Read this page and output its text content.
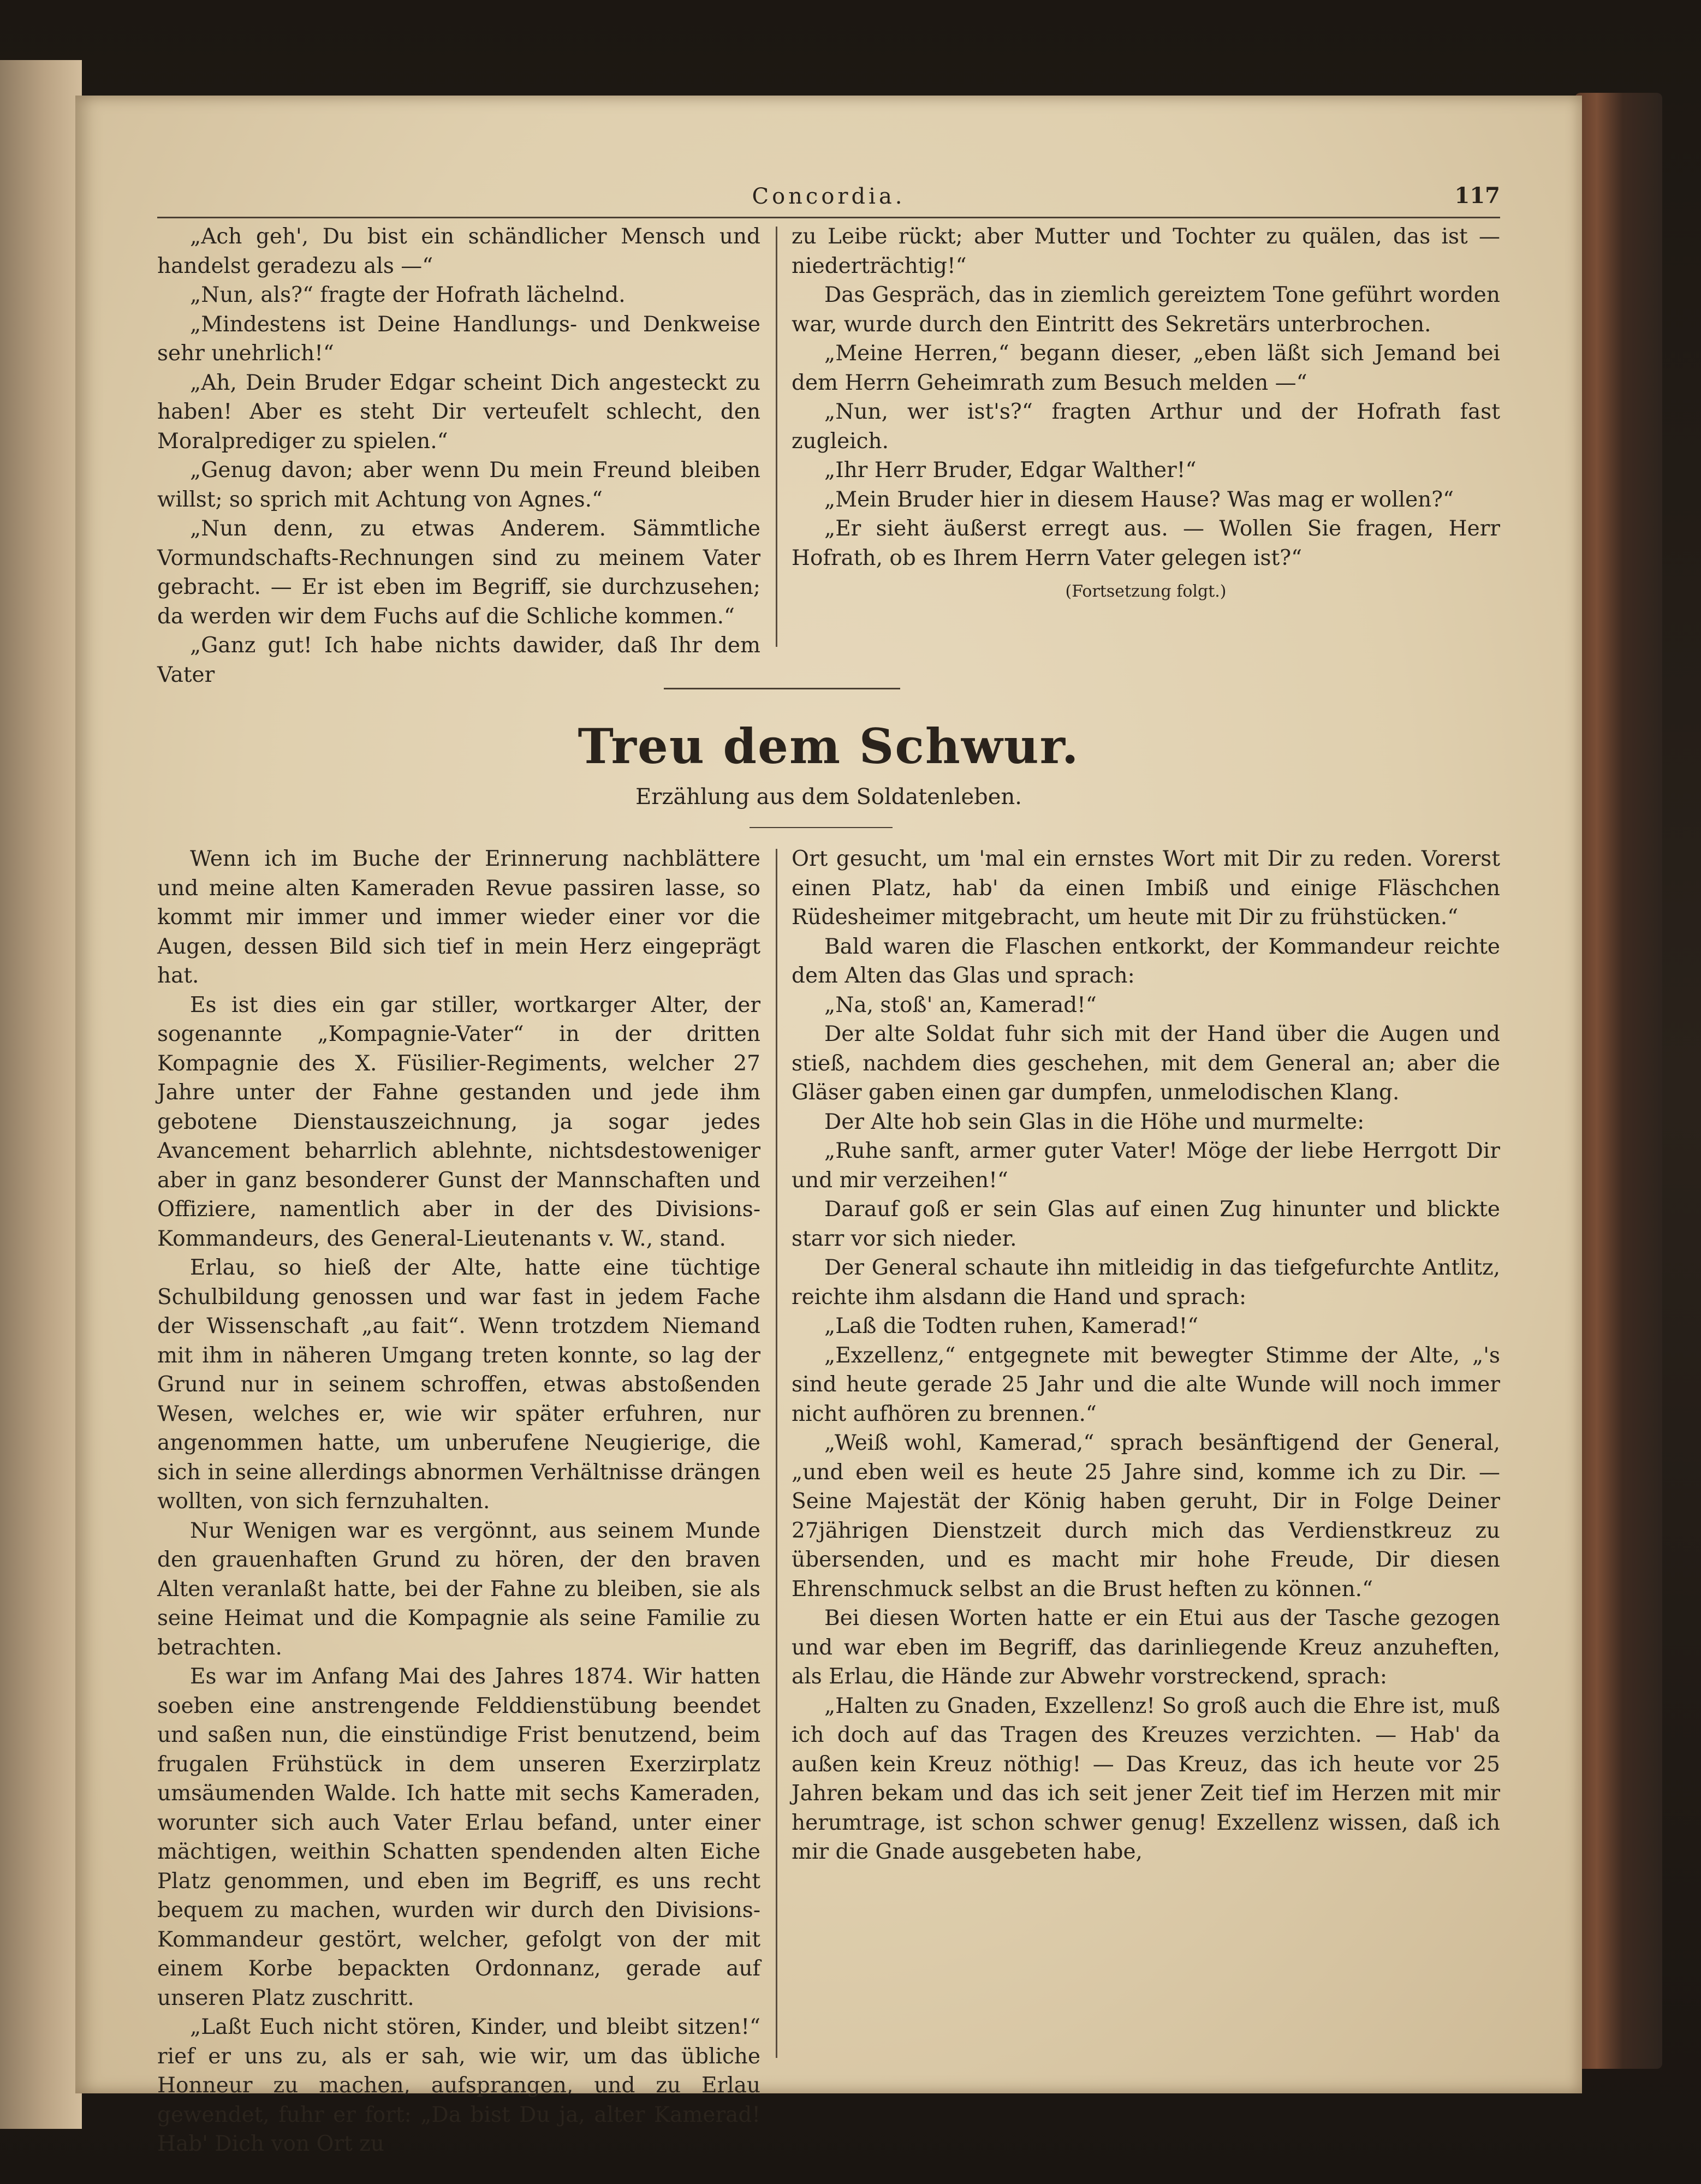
Concordia.	117

„Ach geh', Du bist ein schändlicher Mensch und handelst geradezu als —“

„Nun, als?“ fragte der Hofrath lächelnd.

„Mindestens ist Deine Handlungs- und Denkweise sehr unehrlich!“

„Ah, Dein Bruder Edgar scheint Dich angesteckt zu haben! Aber es steht Dir verteufelt schlecht, den Moralprediger zu spielen.“

„Genug davon; aber wenn Du mein Freund bleiben willst; so sprich mit Achtung von Agnes.“

„Nun denn, zu etwas Anderem. Sämmtliche Vormundschafts-Rechnungen sind zu meinem Vater gebracht. — Er ist eben im Begriff, sie durchzusehen; da werden wir dem Fuchs auf die Schliche kommen.“

„Ganz gut! Ich habe nichts dawider, daß Ihr dem Vater

zu Leibe rückt; aber Mutter und Tochter zu quälen, das ist — niederträchtig!“

Das Gespräch, das in ziemlich gereiztem Tone geführt worden war, wurde durch den Eintritt des Sekretärs unterbrochen.

„Meine Herren,“ begann dieser, „eben läßt sich Jemand bei dem Herrn Geheimrath zum Besuch melden —“

„Nun, wer ist's?“ fragten Arthur und der Hofrath fast zugleich.

„Ihr Herr Bruder, Edgar Walther!“

„Mein Bruder hier in diesem Hause? Was mag er wollen?“

„Er sieht äußerst erregt aus. — Wollen Sie fragen, Herr Hofrath, ob es Ihrem Herrn Vater gelegen ist?“

(Fortsetzung folgt.)
Treu dem Schwur.
Erzählung aus dem Soldatenleben.

Wenn ich im Buche der Erinnerung nachblättere und meine alten Kameraden Revue passiren lasse, so kommt mir immer und immer wieder einer vor die Augen, dessen Bild sich tief in mein Herz eingeprägt hat.

Es ist dies ein gar stiller, wortkarger Alter, der sogenannte „Kompagnie-Vater“ in der dritten Kompagnie des X. Füsilier-Regiments, welcher 27 Jahre unter der Fahne gestanden und jede ihm gebotene Dienstauszeichnung, ja sogar jedes Avancement beharrlich ablehnte, nichtsdestoweniger aber in ganz besonderer Gunst der Mannschaften und Offiziere, namentlich aber in der des Divisions-Kommandeurs, des General-Lieutenants v. W., stand.

Erlau, so hieß der Alte, hatte eine tüchtige Schulbildung genossen und war fast in jedem Fache der Wissenschaft „au fait“. Wenn trotzdem Niemand mit ihm in näheren Umgang treten konnte, so lag der Grund nur in seinem schroffen, etwas abstoßenden Wesen, welches er, wie wir später erfuhren, nur angenommen hatte, um unberufene Neugierige, die sich in seine allerdings abnormen Verhältnisse drängen wollten, von sich fernzuhalten.

Nur Wenigen war es vergönnt, aus seinem Munde den grauenhaften Grund zu hören, der den braven Alten veranlaßt hatte, bei der Fahne zu bleiben, sie als seine Heimat und die Kompagnie als seine Familie zu betrachten.

Es war im Anfang Mai des Jahres 1874. Wir hatten soeben eine anstrengende Felddienstübung beendet und saßen nun, die einstündige Frist benutzend, beim frugalen Frühstück in dem unseren Exerzirplatz umsäumenden Walde. Ich hatte mit sechs Kameraden, worunter sich auch Vater Erlau befand, unter einer mächtigen, weithin Schatten spendenden alten Eiche Platz genommen, und eben im Begriff, es uns recht bequem zu machen, wurden wir durch den Divisions-Kommandeur gestört, welcher, gefolgt von der mit einem Korbe bepackten Ordonnanz, gerade auf unseren Platz zuschritt.

„Laßt Euch nicht stören, Kinder, und bleibt sitzen!“ rief er uns zu, als er sah, wie wir, um das übliche Honneur zu machen, aufsprangen, und zu Erlau gewendet, fuhr er fort: „Da bist Du ja, alter Kamerad! Hab' Dich von Ort zu

Ort gesucht, um 'mal ein ernstes Wort mit Dir zu reden. Vorerst einen Platz, hab' da einen Imbiß und einige Fläschchen Rüdesheimer mitgebracht, um heute mit Dir zu frühstücken.“

Bald waren die Flaschen entkorkt, der Kommandeur reichte dem Alten das Glas und sprach:

„Na, stoß' an, Kamerad!“

Der alte Soldat fuhr sich mit der Hand über die Augen und stieß, nachdem dies geschehen, mit dem General an; aber die Gläser gaben einen gar dumpfen, unmelodischen Klang.

Der Alte hob sein Glas in die Höhe und murmelte:

„Ruhe sanft, armer guter Vater! Möge der liebe Herrgott Dir und mir verzeihen!“

Darauf goß er sein Glas auf einen Zug hinunter und blickte starr vor sich nieder.

Der General schaute ihn mitleidig in das tiefgefurchte Antlitz, reichte ihm alsdann die Hand und sprach:

„Laß die Todten ruhen, Kamerad!“

„Exzellenz,“ entgegnete mit bewegter Stimme der Alte, „'s sind heute gerade 25 Jahr und die alte Wunde will noch immer nicht aufhören zu brennen.“

„Weiß wohl, Kamerad,“ sprach besänftigend der General, „und eben weil es heute 25 Jahre sind, komme ich zu Dir. — Seine Majestät der König haben geruht, Dir in Folge Deiner 27jährigen Dienstzeit durch mich das Verdienstkreuz zu übersenden, und es macht mir hohe Freude, Dir diesen Ehrenschmuck selbst an die Brust heften zu können.“

Bei diesen Worten hatte er ein Etui aus der Tasche gezogen und war eben im Begriff, das darinliegende Kreuz anzuheften, als Erlau, die Hände zur Abwehr vorstreckend, sprach:

„Halten zu Gnaden, Exzellenz! So groß auch die Ehre ist, muß ich doch auf das Tragen des Kreuzes verzichten. — Hab' da außen kein Kreuz nöthig! — Das Kreuz, das ich heute vor 25 Jahren bekam und das ich seit jener Zeit tief im Herzen mit mir herumtrage, ist schon schwer genug! Exzellenz wissen, daß ich mir die Gnade ausgebeten habe,
